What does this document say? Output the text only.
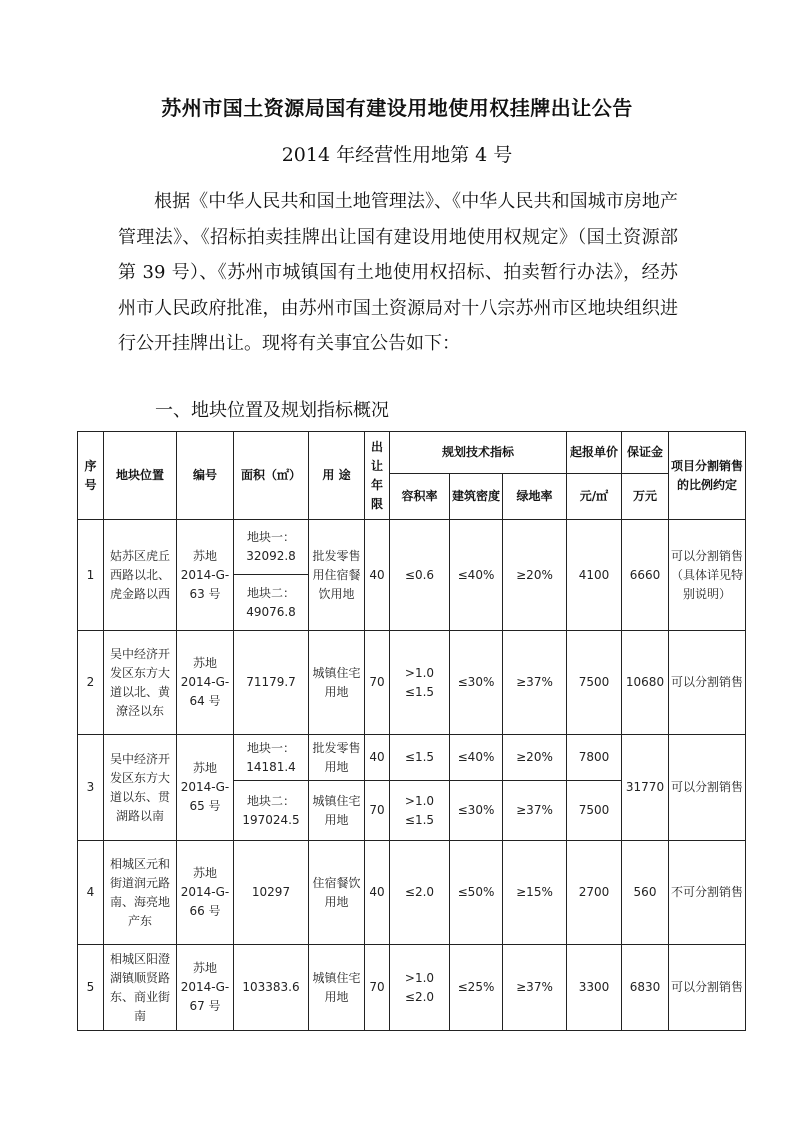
苏州市国土资源局国有建设用地使用权挂牌出让公告
2014 年经营性用地第 4 号

根据《中华人民共和国土地管理法》、《中华人民共和国城市房地产管理法》、《招标拍卖挂牌出让国有建设用地使用权规定》（国土资源部第 39 号）、《苏州市城镇国有土地使用权招标、拍卖暂行办法》，经苏州市人民政府批准，由苏州市国土资源局对十八宗苏州市区地块组织进行公开挂牌出让。现将有关事宜公告如下：

一、地块位置及规划指标概况
序号	地块位置	编号	面积（㎡）	用 途	出让年限	规划技术指标			起报单价	保证金	项目分割销售的比例约定
						容积率	建筑密度	绿地率	元/㎡	万元	
1	姑苏区虎丘西路以北、虎金路以西	苏地2014-G-63 号	地块一：32092.8	批发零售用住宿餐饮用地	40	≤0.6	≤40%	≥20%	4100	6660	可以分割销售（具体详见特别说明）
			地块二：49076.8								
2	吴中经济开发区东方大道以北、黄潦泾以东	苏地2014-G-64 号	71179.7	城镇住宅用地	70	>1.0 ≤1.5	≤30%	≥37%	7500	10680	可以分割销售
3	吴中经济开发区东方大道以东、贯湖路以南	苏地2014-G-65 号	地块一：14181.4	批发零售用地	40	≤1.5	≤40%	≥20%	7800	31770	可以分割销售
			地块二：197024.5	城镇住宅用地	70	>1.0 ≤1.5	≤30%	≥37%	7500		
4	相城区元和街道润元路南、海亮地产东	苏地2014-G-66 号	10297	住宿餐饮用地	40	≤2.0	≤50%	≥15%	2700	560	不可分割销售
5	相城区阳澄湖镇顺贤路东、商业街南	苏地2014-G-67 号	103383.6	城镇住宅用地	70	>1.0 ≤2.0	≤25%	≥37%	3300	6830	可以分割销售
